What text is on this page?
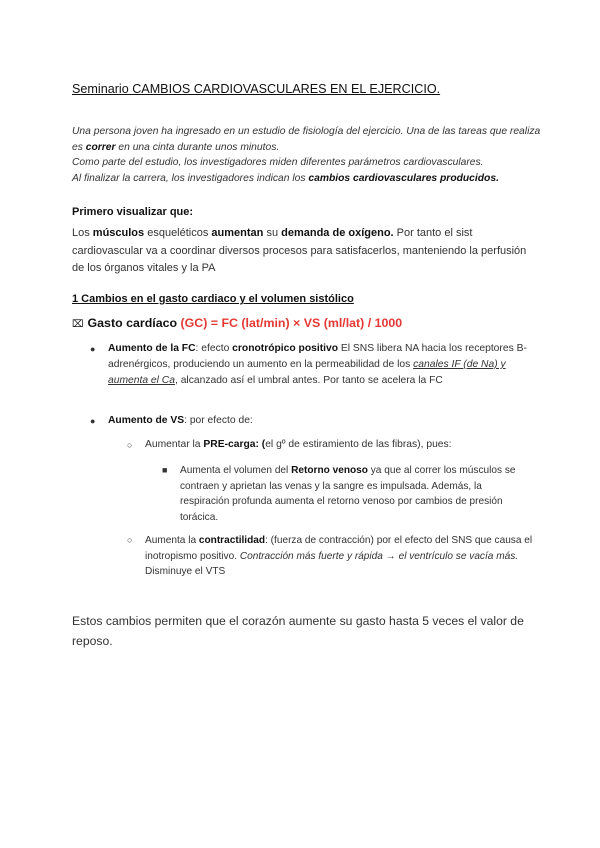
Seminario CAMBIOS CARDIOVASCULARES EN EL EJERCICIO.

Una persona joven ha ingresado en un estudio de fisiología del ejercicio. Una de las tareas que realiza es correr en una cinta durante unos minutos.

Como parte del estudio, los investigadores miden diferentes parámetros cardiovasculares.

Al finalizar la carrera, los investigadores indican los cambios cardiovasculares producidos.

Primero visualizar que:
Los músculos esqueléticos aumentan su demanda de oxígeno. Por tanto el sist cardiovascular va a coordinar diversos procesos para satisfacerlos, manteniendo la perfusión de los órganos vitales y la PA
1 Cambios en el gasto cardiaco y el volumen sistólico
⌧ Gasto cardíaco (GC) = FC (lat/min) × VS (ml/lat) / 1000
● Aumento de la FC: efecto cronotrópico positivo El SNS libera NA hacia los receptores B-adrenérgicos, produciendo un aumento en la permeabilidad de los canales IF (de Na) y aumenta el Ca, alcanzado así el umbral antes. Por tanto se acelera la FC
● Aumento de VS: por efecto de:
○ Aumentar la PRE-carga: (el gº de estiramiento de las fibras), pues:
■ Aumenta el volumen del Retorno venoso ya que al correr los músculos se contraen y aprietan las venas y la sangre es impulsada. Además, la respiración profunda aumenta el retorno venoso por cambios de presión torácica.
○ Aumenta la contractilidad: (fuerza de contracción) por el efecto del SNS que causa el inotropismo positivo. Contracción más fuerte y rápida → el ventrículo se vacía más. Disminuye el VTS
Estos cambios permiten que el corazón aumente su gasto hasta 5 veces el valor de reposo.
